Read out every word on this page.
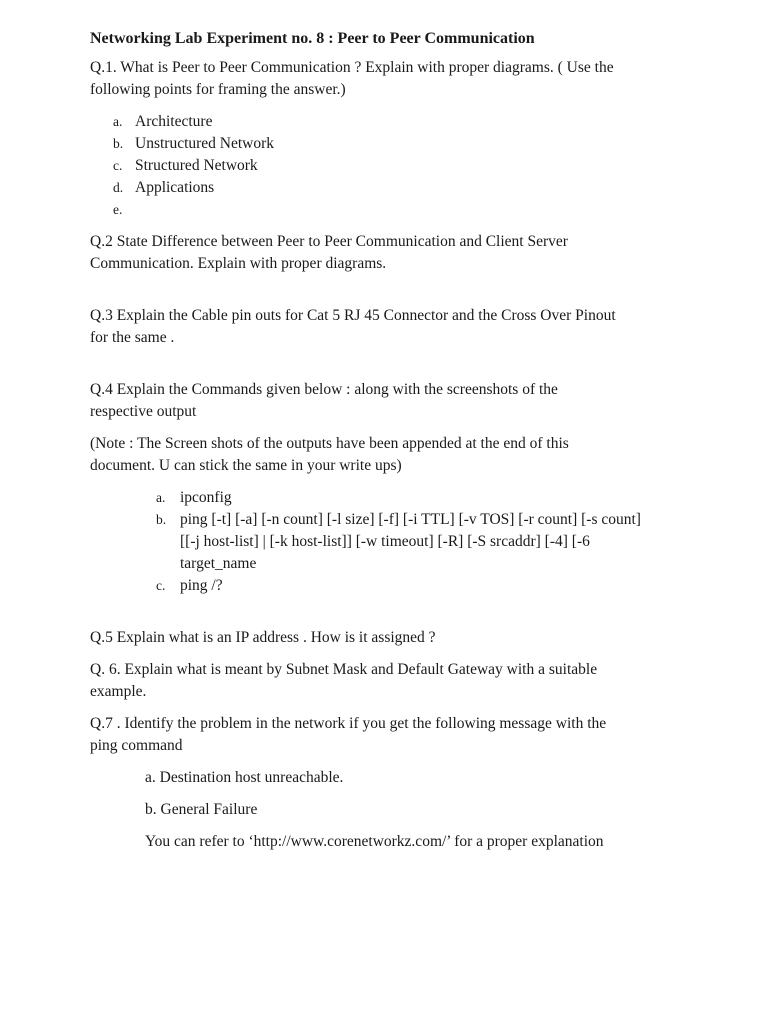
Networking Lab Experiment no. 8 : Peer to Peer Communication

Q.1. What is Peer to Peer Communication ? Explain with proper diagrams. ( Use the

following points for framing the answer.)

a. Architecture
b. Unstructured Network
c. Structured Network
d. Applications
e.

Q.2 State Difference between Peer to Peer Communication and Client Server

Communication. Explain with proper diagrams.

Q.3 Explain the Cable pin outs for Cat 5 RJ 45 Connector and the Cross Over Pinout

for the same .

Q.4 Explain the Commands given below : along with the screenshots of the

respective output

(Note : The Screen shots of the outputs have been appended at the end of this

document. U can stick the same in your write ups)

a. ipconfig
b. ping [-t] [-a] [-n count] [-l size] [-f] [-i TTL] [-v TOS] [-r count] [-s count]
[[-j host-list] | [-k host-list]] [-w timeout] [-R] [-S srcaddr] [-4] [-6
target_name
c. ping /?

Q.5 Explain what is an IP address . How is it assigned ?

Q. 6. Explain what is meant by Subnet Mask and Default Gateway with a suitable

example.

Q.7 . Identify the problem in the network if you get the following message with the

ping command

a. Destination host unreachable.

b. General Failure

You can refer to ‘http://www.corenetworkz.com/’ for a proper explanation
